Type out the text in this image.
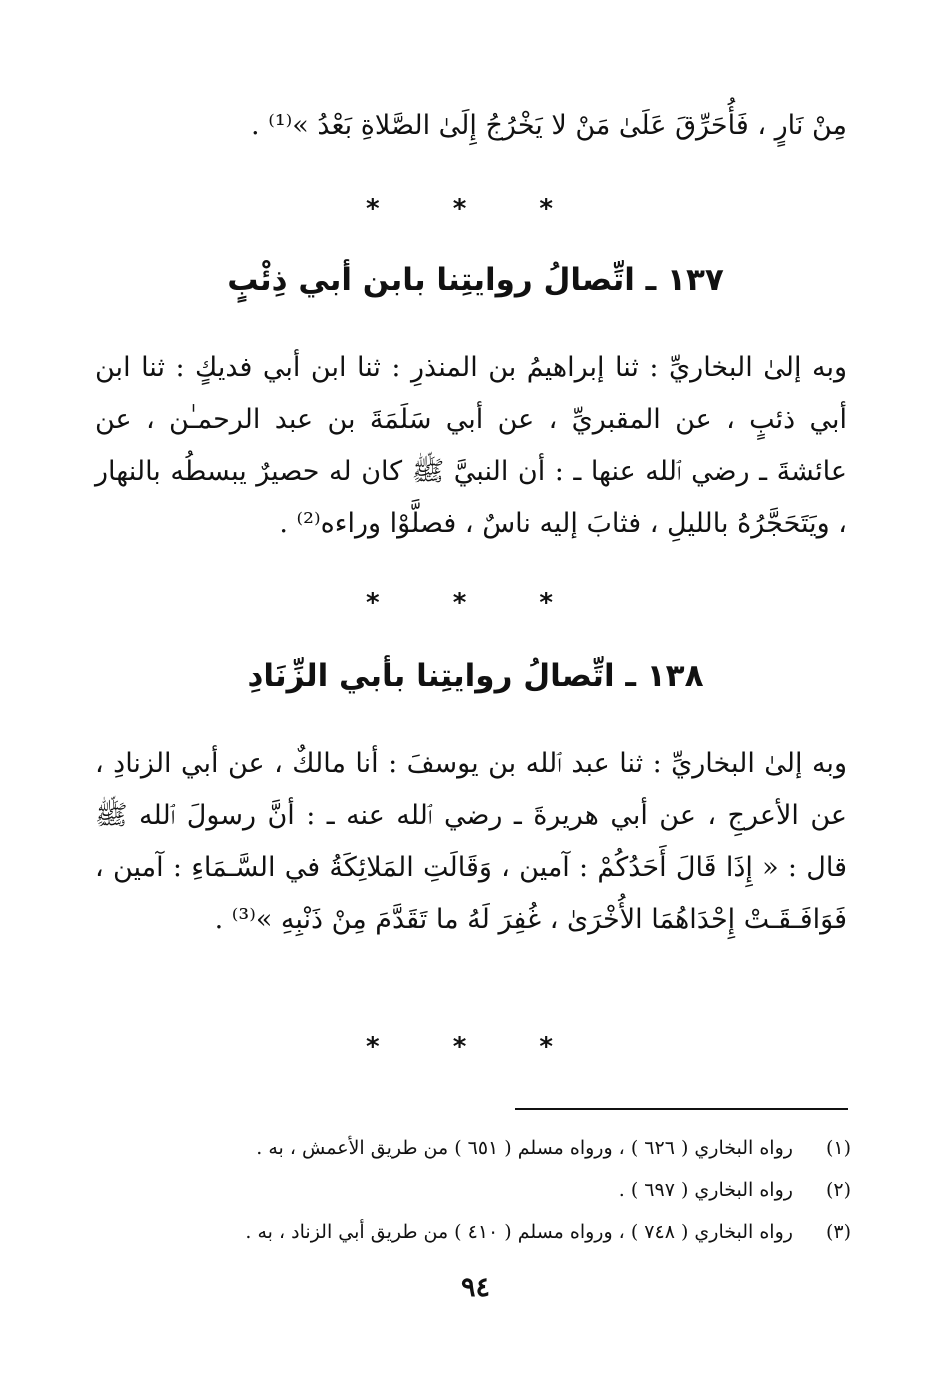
مِنْ نَارٍ ، فَأُحَرِّقَ عَلَىٰ مَنْ لا يَخْرُجُ إِلَىٰ الصَّلاةِ بَعْدُ »⁽¹⁾ .
* * *
١٣٧ ـ اتِّصالُ روايتِنا بابن أبي ذِئْبٍ
وبه إلىٰ البخاريِّ : ثنا إبراهيمُ بن المنذرِ : ثنا ابن أبي فديكٍ : ثنا ابن أبي ذئبٍ ، عن المقبريِّ ، عن أبي سَلَمَةَ بن عبد الرحمـٰن ، عن عائشةَ ـ رضي ٱلله عنها ـ : أن النبيَّ ﷺ كان له حصيرٌ يبسطُه بالنهار ، ويَتَحَجَّرُهُ بالليلِ ، فثابَ إليه ناسٌ ، فصلَّوْا وراءه⁽²⁾ .
* * *
١٣٨ ـ اتِّصالُ روايتِنا بأبي الزِّنَادِ
وبه إلىٰ البخاريِّ : ثنا عبد ٱلله بن يوسفَ : أنا مالكٌ ، عن أبي الزنادِ ، عن الأعرجِ ، عن أبي هريرةَ ـ رضي ٱلله عنه ـ : أنَّ رسولَ ٱلله ﷺ قال : « إِذَا قَالَ أَحَدُكُمْ : آمين ، وَقَالَتِ المَلائِكَةُ في السَّـمَاءِ : آمين ، فَوَافَـقَـتْ إِحْدَاهُمَا الأُخْرَىٰ ، غُفِرَ لَهُ ما تَقَدَّمَ مِنْ ذَنْبِهِ »⁽³⁾ .
* * *
(١) رواه البخاري ( ٦٢٦ ) ، ورواه مسلم ( ٦٥١ ) من طريق الأعمش ، به .
(٢) رواه البخاري ( ٦٩٧ ) .
(٣) رواه البخاري ( ٧٤٨ ) ، ورواه مسلم ( ٤١٠ ) من طريق أبي الزناد ، به .
٩٤
